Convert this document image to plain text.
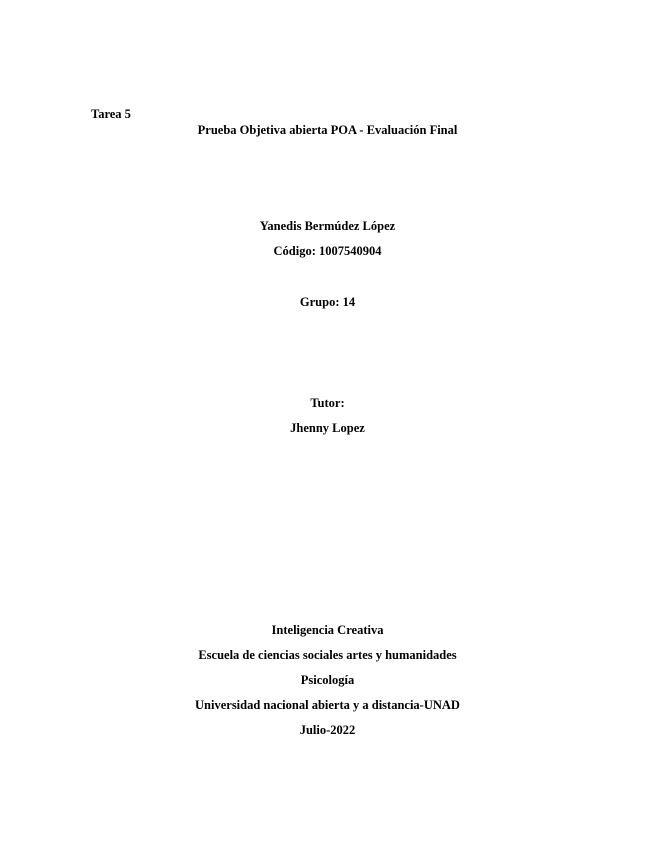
Tarea 5
Prueba Objetiva abierta POA - Evaluación Final
Yanedis Bermúdez López
Código: 1007540904
Grupo: 14
Tutor:
Jhenny Lopez
Inteligencia Creativa
Escuela de ciencias sociales artes y humanidades
Psicología
Universidad nacional abierta y a distancia-UNAD
Julio-2022
